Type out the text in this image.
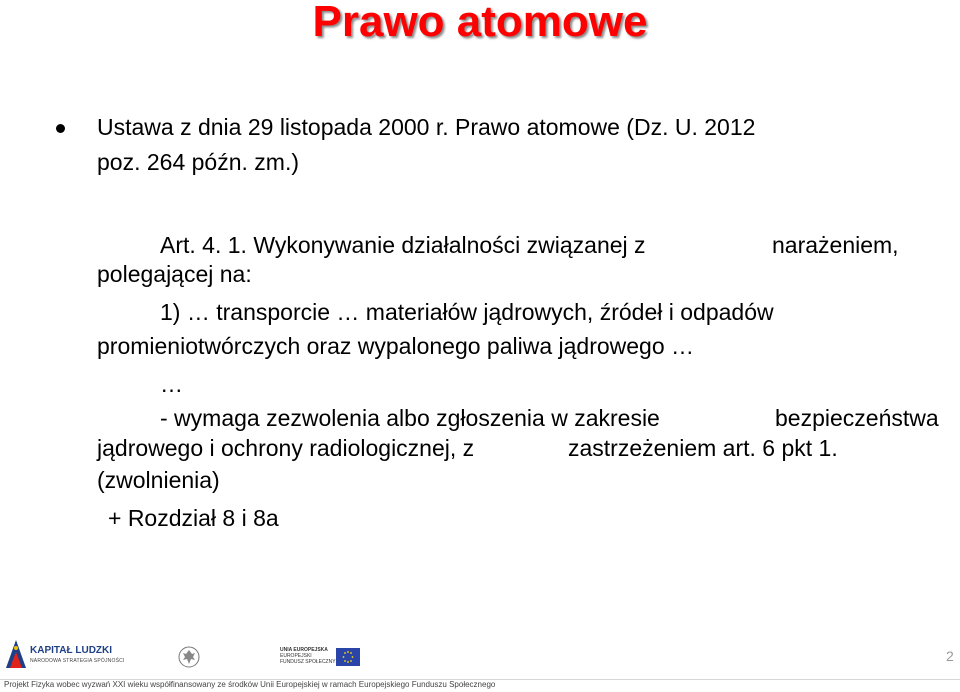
Prawo atomowe
Ustawa z dnia 29 listopada 2000 r. Prawo atomowe (Dz. U. 2012
poz. 264 późn. zm.)
Art. 4. 1. Wykonywanie działalności związanej z	narażeniem,
polegającej na:
1) … transporcie … materiałów jądrowych, źródeł i odpadów
promieniotwórczych oraz wypalonego paliwa jądrowego …
…
- wymaga zezwolenia albo zgłoszenia w zakresie	bezpieczeństwa
jądrowego i ochrony radiologicznej, z	zastrzeżeniem art. 6 pkt 1.
(zwolnienia)
+ Rozdział 8 i 8a
KAPITAŁ LUDZKI
NARODOWA STRATEGIA SPÓJNOŚCI
UNIA EUROPEJSKA
EUROPEJSKI
FUNDUSZ SPOŁECZNY	2
Projekt Fizyka wobec wyzwań XXI wieku współfinansowany ze środków Unii Europejskiej w ramach Europejskiego Funduszu Społecznego
